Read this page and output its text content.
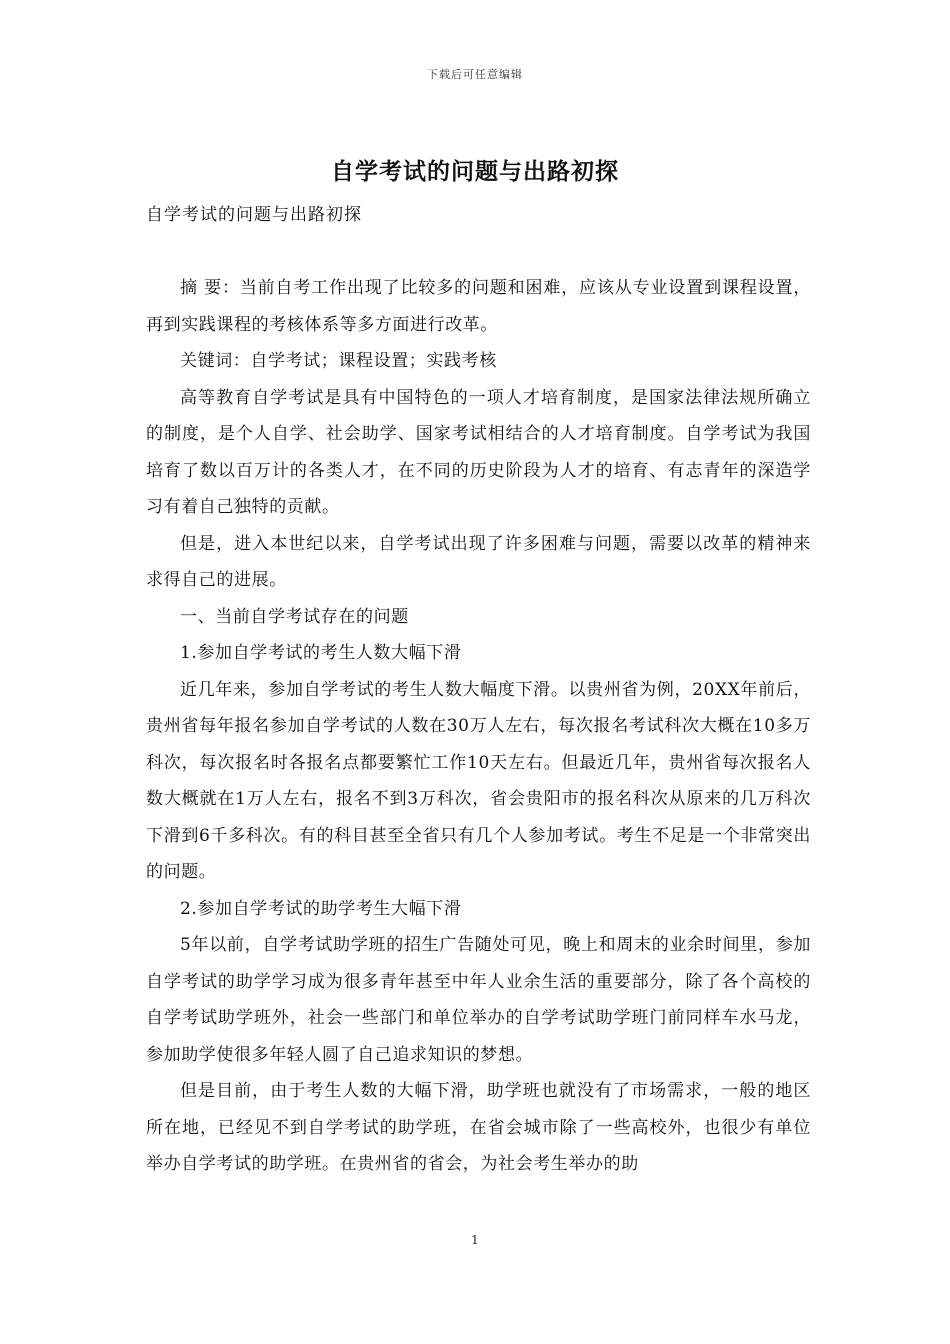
下载后可任意编辑
自学考试的问题与出路初探

自学考试的问题与出路初探

摘 要：当前自考工作出现了比较多的问题和困难，应该从专业设置到课程设置，再到实践课程的考核体系等多方面进行改革。

关键词：自学考试；课程设置；实践考核

高等教育自学考试是具有中国特色的一项人才培育制度，是国家法律法规所确立的制度，是个人自学、社会助学、国家考试相结合的人才培育制度。自学考试为我国培育了数以百万计的各类人才，在不同的历史阶段为人才的培育、有志青年的深造学习有着自己独特的贡献。

但是，进入本世纪以来，自学考试出现了许多困难与问题，需要以改革的精神来求得自己的进展。

一、当前自学考试存在的问题

1.参加自学考试的考生人数大幅下滑

近几年来，参加自学考试的考生人数大幅度下滑。以贵州省为例，20XX年前后，贵州省每年报名参加自学考试的人数在30万人左右，每次报名考试科次大概在10多万科次，每次报名时各报名点都要繁忙工作10天左右。但最近几年，贵州省每次报名人数大概就在1万人左右，报名不到3万科次，省会贵阳市的报名科次从原来的几万科次下滑到6千多科次。有的科目甚至全省只有几个人参加考试。考生不足是一个非常突出的问题。

2.参加自学考试的助学考生大幅下滑

5年以前，自学考试助学班的招生广告随处可见，晚上和周末的业余时间里，参加自学考试的助学学习成为很多青年甚至中年人业余生活的重要部分，除了各个高校的自学考试助学班外，社会一些部门和单位举办的自学考试助学班门前同样车水马龙，参加助学使很多年轻人圆了自己追求知识的梦想。

但是目前，由于考生人数的大幅下滑，助学班也就没有了市场需求，一般的地区所在地，已经见不到自学考试的助学班，在省会城市除了一些高校外，也很少有单位举办自学考试的助学班。在贵州省的省会，为社会考生举办的助

1
